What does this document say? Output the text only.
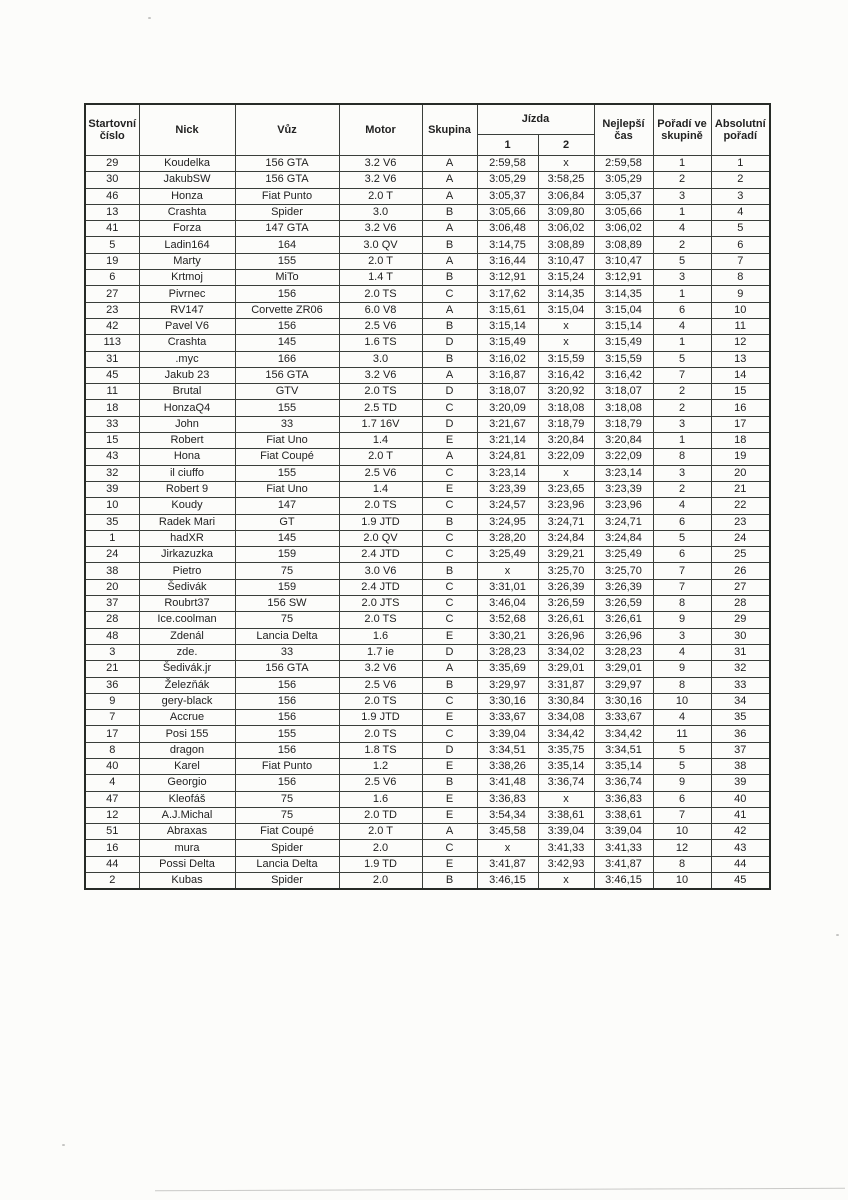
Startovní číslo	Nick	Vůz	Motor	Skupina	Jízda		Nejlepší čas	Pořadí ve skupině	Absolutní pořadí
					1	2			
29	Koudelka	156 GTA	3.2 V6	A	2:59,58	x	2:59,58	1	1
30	JakubSW	156 GTA	3.2 V6	A	3:05,29	3:58,25	3:05,29	2	2
46	Honza	Fiat Punto	2.0 T	A	3:05,37	3:06,84	3:05,37	3	3
13	Crashta	Spider	3.0	B	3:05,66	3:09,80	3:05,66	1	4
41	Forza	147 GTA	3.2 V6	A	3:06,48	3:06,02	3:06,02	4	5
5	Ladin164	164	3.0 QV	B	3:14,75	3:08,89	3:08,89	2	6
19	Marty	155	2.0 T	A	3:16,44	3:10,47	3:10,47	5	7
6	Krtmoj	MiTo	1.4 T	B	3:12,91	3:15,24	3:12,91	3	8
27	Pivrnec	156	2.0 TS	C	3:17,62	3:14,35	3:14,35	1	9
23	RV147	Corvette ZR06	6.0 V8	A	3:15,61	3:15,04	3:15,04	6	10
42	Pavel V6	156	2.5 V6	B	3:15,14	x	3:15,14	4	11
113	Crashta	145	1.6 TS	D	3:15,49	x	3:15,49	1	12
31	.myc	166	3.0	B	3:16,02	3:15,59	3:15,59	5	13
45	Jakub 23	156 GTA	3.2 V6	A	3:16,87	3:16,42	3:16,42	7	14
11	Brutal	GTV	2.0 TS	D	3:18,07	3:20,92	3:18,07	2	15
18	HonzaQ4	155	2.5 TD	C	3:20,09	3:18,08	3:18,08	2	16
33	John	33	1.7 16V	D	3:21,67	3:18,79	3:18,79	3	17
15	Robert	Fiat Uno	1.4	E	3:21,14	3:20,84	3:20,84	1	18
43	Hona	Fiat Coupé	2.0 T	A	3:24,81	3:22,09	3:22,09	8	19
32	il ciuffo	155	2.5 V6	C	3:23,14	x	3:23,14	3	20
39	Robert 9	Fiat Uno	1.4	E	3:23,39	3:23,65	3:23,39	2	21
10	Koudy	147	2.0 TS	C	3:24,57	3:23,96	3:23,96	4	22
35	Radek Mari	GT	1.9 JTD	B	3:24,95	3:24,71	3:24,71	6	23
1	hadXR	145	2.0 QV	C	3:28,20	3:24,84	3:24,84	5	24
24	Jirkazuzka	159	2.4 JTD	C	3:25,49	3:29,21	3:25,49	6	25
38	Pietro	75	3.0 V6	B	x	3:25,70	3:25,70	7	26
20	Šedivák	159	2.4 JTD	C	3:31,01	3:26,39	3:26,39	7	27
37	Roubrt37	156 SW	2.0 JTS	C	3:46,04	3:26,59	3:26,59	8	28
28	Ice.coolman	75	2.0 TS	C	3:52,68	3:26,61	3:26,61	9	29
48	Zdenál	Lancia Delta	1.6	E	3:30,21	3:26,96	3:26,96	3	30
3	zde.	33	1.7 ie	D	3:28,23	3:34,02	3:28,23	4	31
21	Šedivák.jr	156 GTA	3.2 V6	A	3:35,69	3:29,01	3:29,01	9	32
36	Železňák	156	2.5 V6	B	3:29,97	3:31,87	3:29,97	8	33
9	gery-black	156	2.0 TS	C	3:30,16	3:30,84	3:30,16	10	34
7	Accrue	156	1.9 JTD	E	3:33,67	3:34,08	3:33,67	4	35
17	Posi 155	155	2.0 TS	C	3:39,04	3:34,42	3:34,42	11	36
8	dragon	156	1.8 TS	D	3:34,51	3:35,75	3:34,51	5	37
40	Karel	Fiat Punto	1.2	E	3:38,26	3:35,14	3:35,14	5	38
4	Georgio	156	2.5 V6	B	3:41,48	3:36,74	3:36,74	9	39
47	Kleofáš	75	1.6	E	3:36,83	x	3:36,83	6	40
12	A.J.Michal	75	2.0 TD	E	3:54,34	3:38,61	3:38,61	7	41
51	Abraxas	Fiat Coupé	2.0 T	A	3:45,58	3:39,04	3:39,04	10	42
16	mura	Spider	2.0	C	x	3:41,33	3:41,33	12	43
44	Possi Delta	Lancia Delta	1.9 TD	E	3:41,87	3:42,93	3:41,87	8	44
2	Kubas	Spider	2.0	B	3:46,15	x	3:46,15	10	45
